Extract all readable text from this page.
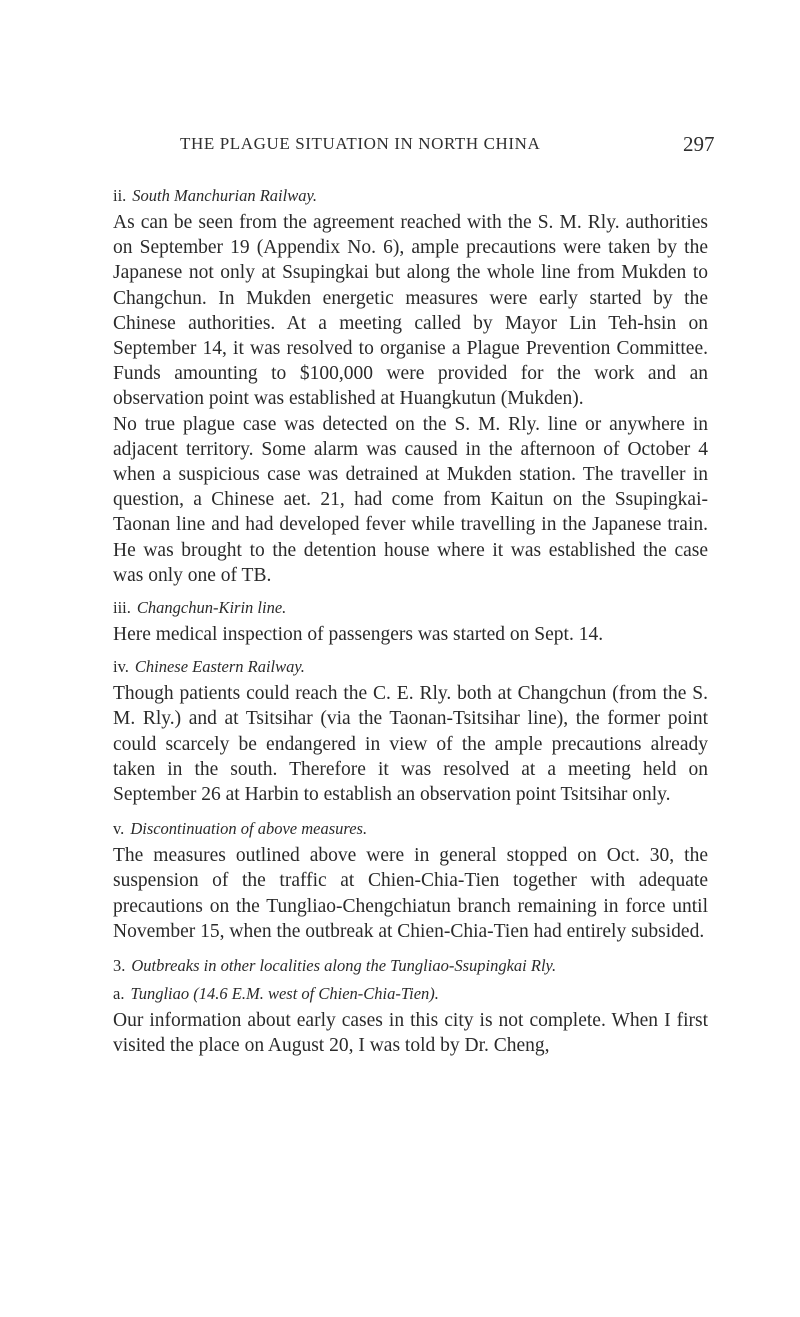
THE PLAGUE SITUATION IN NORTH CHINA	297
ii. South Manchurian Railway.

As can be seen from the agreement reached with the S. M. Rly. authorities on September 19 (Appendix No. 6), ample precautions were taken by the Japanese not only at Ssupingkai but along the whole line from Mukden to Changchun. In Mukden energetic measures were early started by the Chinese authorities. At a meeting called by Mayor Lin Teh-hsin on September 14, it was resolved to organise a Plague Prevention Committee. Funds amounting to $100,000 were provided for the work and an observation point was established at Huangkutun (Mukden).

No true plague case was detected on the S. M. Rly. line or anywhere in adjacent territory. Some alarm was caused in the afternoon of October 4 when a suspicious case was detrained at Mukden station. The traveller in question, a Chinese aet. 21, had come from Kaitun on the Ssupingkai-Taonan line and had developed fever while travelling in the Japanese train. He was brought to the detention house where it was established the case was only one of TB.

iii. Changchun-Kirin line.

Here medical inspection of passengers was started on Sept. 14.

iv. Chinese Eastern Railway.

Though patients could reach the C. E. Rly. both at Changchun (from the S. M. Rly.) and at Tsitsihar (via the Taonan-Tsitsihar line), the former point could scarcely be endangered in view of the ample precautions already taken in the south. Therefore it was resolved at a meeting held on September 26 at Harbin to establish an observation point Tsitsihar only.

v. Discontinuation of above measures.

The measures outlined above were in general stopped on Oct. 30, the suspension of the traffic at Chien-Chia-Tien together with adequate precautions on the Tungliao-Chengchiatun branch remaining in force until November 15, when the outbreak at Chien-Chia-Tien had entirely subsided.

3. Outbreaks in other localities along the Tungliao-Ssupingkai Rly.
a. Tungliao (14.6 E.M. west of Chien-Chia-Tien).

Our information about early cases in this city is not complete. When I first visited the place on August 20, I was told by Dr. Cheng,
